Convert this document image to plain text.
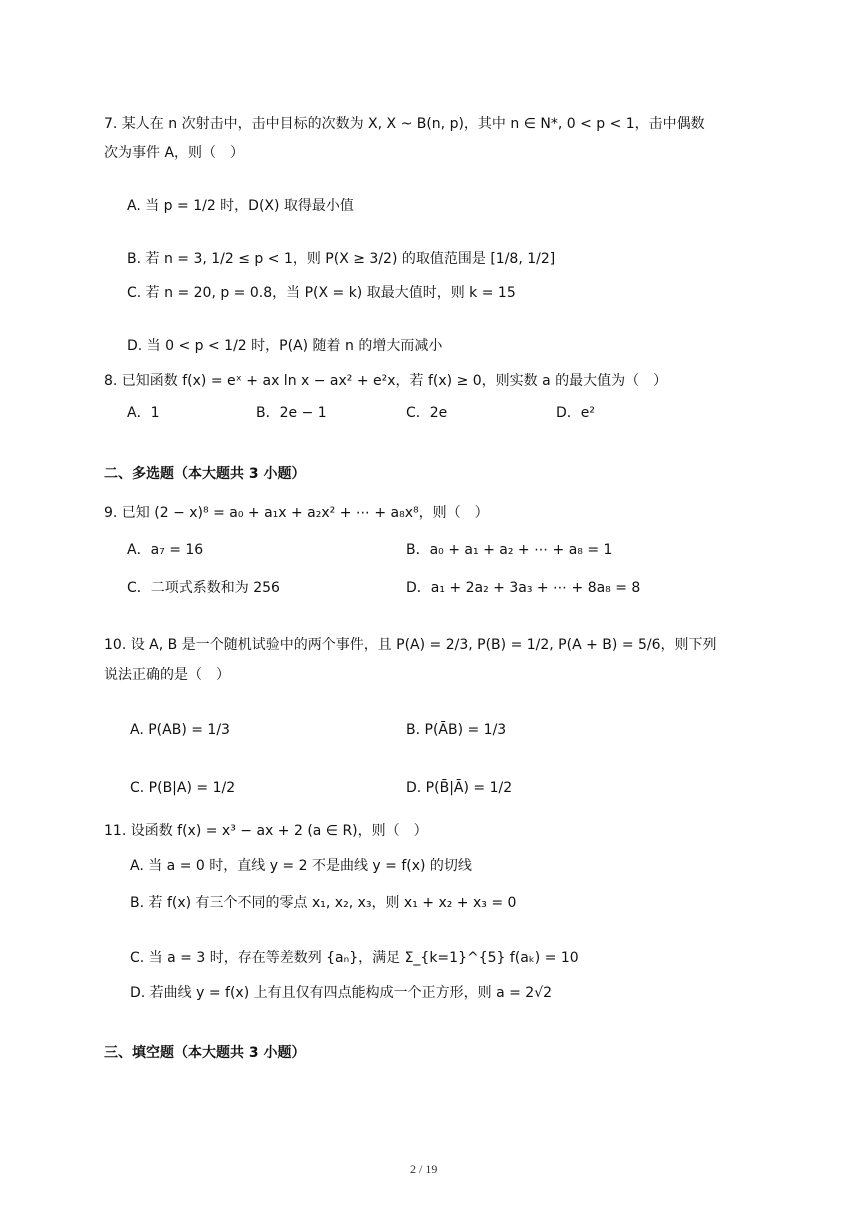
7. 某人在 n 次射击中，击中目标的次数为 X, X ~ B(n, p)，其中 n ∈ N*, 0 < p < 1，击中偶数
次为事件 A，则（　）
A. 当 p = 1/2 时，D(X) 取得最小值
B. 若 n = 3, 1/2 ≤ p < 1，则 P(X ≥ 3/2) 的取值范围是 [1/8, 1/2]
C. 若 n = 20, p = 0.8，当 P(X = k) 取最大值时，则 k = 15
D. 当 0 < p < 1/2 时，P(A) 随着 n 的增大而减小
8. 已知函数 f(x) = eˣ + ax ln x − ax² + e²x，若 f(x) ≥ 0，则实数 a 的最大值为（　）
A．1	B．2e − 1	C．2e	D．e²
二、多选题（本大题共 3 小题）
9. 已知 (2 − x)⁸ = a₀ + a₁x + a₂x² + ⋯ + a₈x⁸，则（　）
A．a₇ = 16	B．a₀ + a₁ + a₂ + ⋯ + a₈ = 1
C．二项式系数和为 256	D．a₁ + 2a₂ + 3a₃ + ⋯ + 8a₈ = 8
10. 设 A, B 是一个随机试验中的两个事件，且 P(A) = 2/3, P(B) = 1/2, P(A + B) = 5/6，则下列
说法正确的是（　）
A. P(AB) = 1/3	B. P(ĀB) = 1/3
C. P(B|A) = 1/2	D. P(B̄|Ā) = 1/2
11. 设函数 f(x) = x³ − ax + 2 (a ∈ R)，则（　）
A. 当 a = 0 时，直线 y = 2 不是曲线 y = f(x) 的切线
B. 若 f(x) 有三个不同的零点 x₁, x₂, x₃，则 x₁ + x₂ + x₃ = 0
C. 当 a = 3 时，存在等差数列 {aₙ}，满足 Σ_{k=1}^{5} f(aₖ) = 10
D. 若曲线 y = f(x) 上有且仅有四点能构成一个正方形，则 a = 2√2
三、填空题（本大题共 3 小题）
2 / 19
